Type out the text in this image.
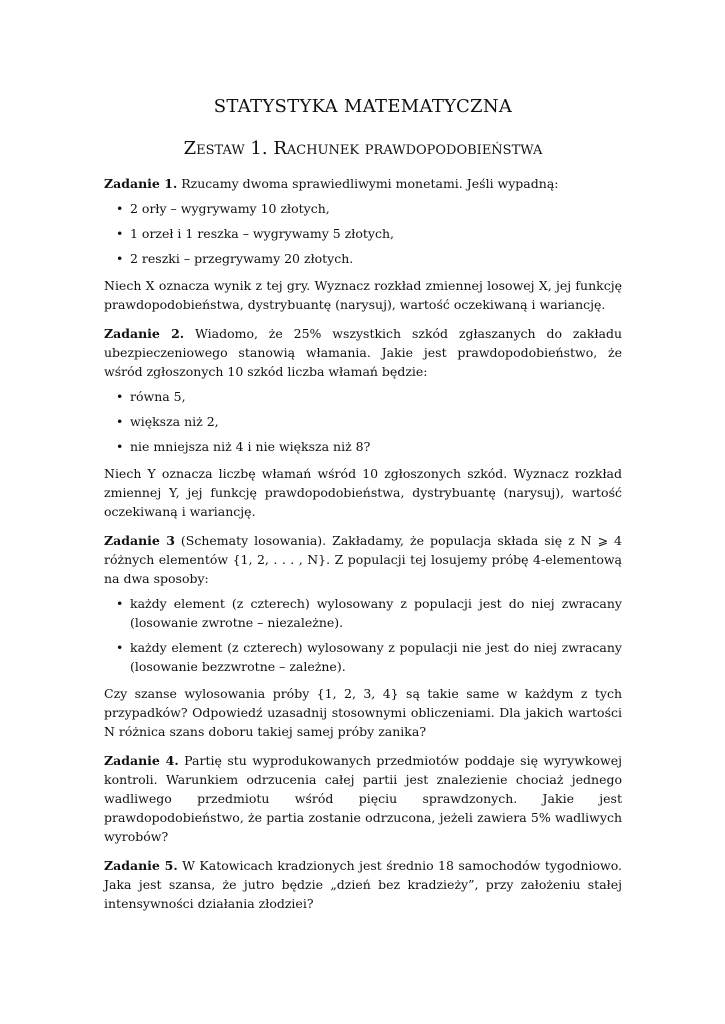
STATYSTYKA MATEMATYCZNA
Zestaw 1. Rachunek prawdopodobieństwa

Zadanie 1. Rzucamy dwoma sprawiedliwymi monetami. Jeśli wypadną:

• 2 orły – wygrywamy 10 złotych,
• 1 orzeł i 1 reszka – wygrywamy 5 złotych,
• 2 reszki – przegrywamy 20 złotych.

Niech X oznacza wynik z tej gry. Wyznacz rozkład zmiennej losowej X, jej funkcję prawdopodobieństwa, dystrybuantę (narysuj), wartość oczekiwaną i wariancję.

Zadanie 2. Wiadomo, że 25% wszystkich szkód zgłaszanych do zakładu ubezpieczeniowego stanowią włamania. Jakie jest prawdopodobieństwo, że wśród zgłoszonych 10 szkód liczba włamań będzie:

• równa 5,
• większa niż 2,
• nie mniejsza niż 4 i nie większa niż 8?

Niech Y oznacza liczbę włamań wśród 10 zgłoszonych szkód. Wyznacz rozkład zmiennej Y, jej funkcję prawdopodobieństwa, dystrybuantę (narysuj), wartość oczekiwaną i wariancję.

Zadanie 3 (Schematy losowania). Zakładamy, że populacja składa się z N ⩾ 4 różnych elementów {1, 2, . . . , N}. Z populacji tej losujemy próbę 4-elementową na dwa sposoby:

• każdy element (z czterech) wylosowany z populacji jest do niej zwracany (losowanie zwrotne – niezależne).
• każdy element (z czterech) wylosowany z populacji nie jest do niej zwracany (losowanie bezzwrotne – zależne).

Czy szanse wylosowania próby {1, 2, 3, 4} są takie same w każdym z tych przypadków? Odpowiedź uzasadnij stosownymi obliczeniami. Dla jakich wartości N różnica szans doboru takiej samej próby zanika?

Zadanie 4. Partię stu wyprodukowanych przedmiotów poddaje się wyrywkowej kontroli. Warunkiem odrzucenia całej partii jest znalezienie chociaż jednego wadliwego przedmiotu wśród pięciu sprawdzonych. Jakie jest prawdopodobieństwo, że partia zostanie odrzucona, jeżeli zawiera 5% wadliwych wyrobów?

Zadanie 5. W Katowicach kradzionych jest średnio 18 samochodów tygodniowo. Jaka jest szansa, że jutro będzie „dzień bez kradzieży”, przy założeniu stałej intensywności działania złodziei?
